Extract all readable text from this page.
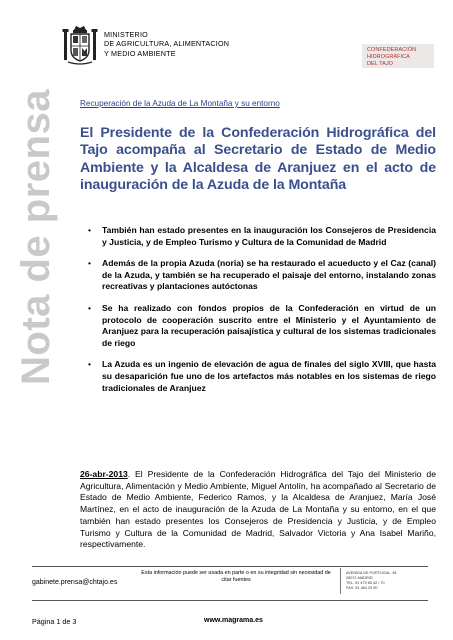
MINISTERIO
DE AGRICULTURA, ALIMENTACION
Y MEDIO AMBIENTE	CONFEDERACIÓN
HIDROGRÁFICA
DEL TAJO
Nota de prensa	Recuperación de la Azuda de La Montaña y su entorno
El Presidente de la Confederación Hidrográfica del Tajo acompaña al Secretario de Estado de Medio Ambiente y la Alcaldesa de Aranjuez en el acto de inauguración de la Azuda de la Montaña
• También han estado presentes en la inauguración los Consejeros de Presidencia y Justicia, y de Empleo Turismo y Cultura de la Comunidad de Madrid
• Además de la propia Azuda (noria) se ha restaurado el acueducto y el Caz (canal) de la Azuda, y también se ha recuperado el paisaje del entorno, instalando zonas recreativas y plantaciones autóctonas
• Se ha realizado con fondos propios de la Confederación en virtud de un protocolo de cooperación suscrito entre el Ministerio y el Ayuntamiento de Aranjuez para la recuperación paisajística y cultural de los sistemas tradicionales de riego
• La Azuda es un ingenio de elevación de agua de finales del siglo XVIII, que hasta su desaparición fue uno de los artefactos más notables en los sistemas de riego tradicionales de Aranjuez
26-abr-2013. El Presidente de la Confederación Hidrográfica del Tajo del Ministerio de Agricultura, Alimentación y Medio Ambiente, Miguel Antolín, ha acompañado al Secretario de Estado de Medio Ambiente, Federico Ramos, y la Alcaldesa de Aranjuez, María José Martínez, en el acto de inauguración de la Azuda de La Montaña y su entorno, en el que también han estado presentes los Consejeros de Presidencia y Justicia, y de Empleo Turismo y Cultura de la Comunidad de Madrid, Salvador Victoria y Ana Isabel Mariño, respectivamente.
gabinete.prensa@chtajo.es
Esta información puede ser usada en parte o en su integridad sin necesidad de citar fuentes
AVENIDA DE PORTUGAL, 81
28071 MADRID
TEL: 91 479 65 42 / 70
FAX: 91 464 29 90
Página 1 de 3	www.magrama.es
